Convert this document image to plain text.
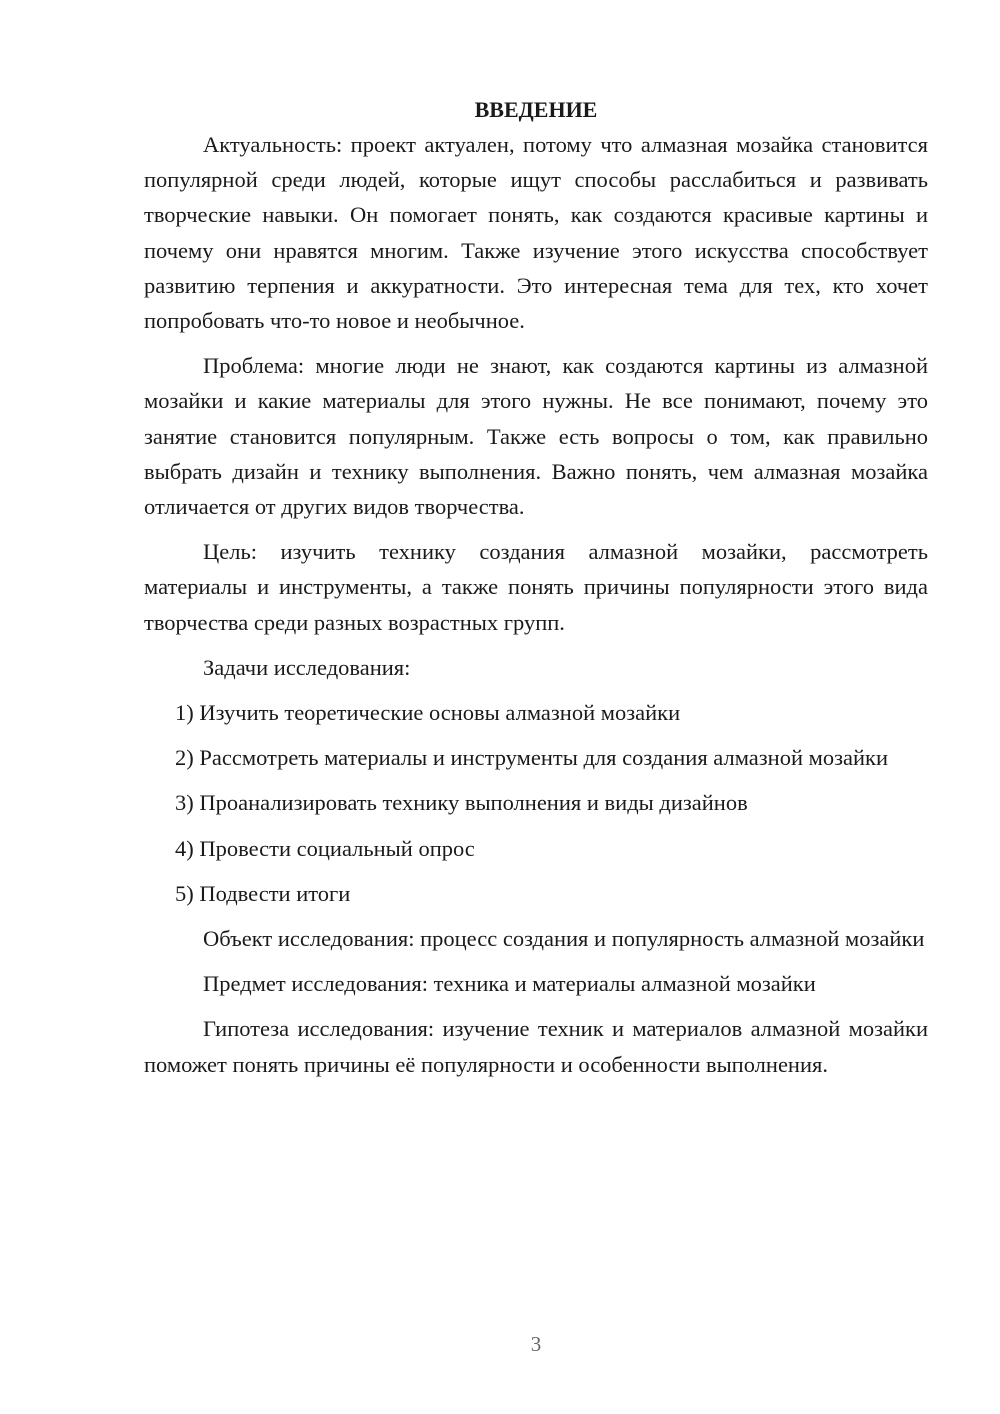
ВВЕДЕНИЕ

Актуальность: проект актуален, потому что алмазная мозайка становится популярной среди людей, которые ищут способы расслабиться и развивать творческие навыки. Он помогает понять, как создаются красивые картины и почему они нравятся многим. Также изучение этого искусства способствует развитию терпения и аккуратности. Это интересная тема для тех, кто хочет попробовать что-то новое и необычное.

Проблема: многие люди не знают, как создаются картины из алмазной мозайки и какие материалы для этого нужны. Не все понимают, почему это занятие становится популярным. Также есть вопросы о том, как правильно выбрать дизайн и технику выполнения. Важно понять, чем алмазная мозайка отличается от других видов творчества.

Цель: изучить технику создания алмазной мозайки, рассмотреть материалы и инструменты, а также понять причины популярности этого вида творчества среди разных возрастных групп.

Задачи исследования:

1) Изучить теоретические основы алмазной мозайки

2) Рассмотреть материалы и инструменты для создания алмазной мозайки

3) Проанализировать технику выполнения и виды дизайнов

4) Провести социальный опрос

5) Подвести итоги

Объект исследования: процесс создания и популярность алмазной мозайки

Предмет исследования: техника и материалы алмазной мозайки

Гипотеза исследования: изучение техник и материалов алмазной мозайки поможет понять причины её популярности и особенности выполнения.

3
